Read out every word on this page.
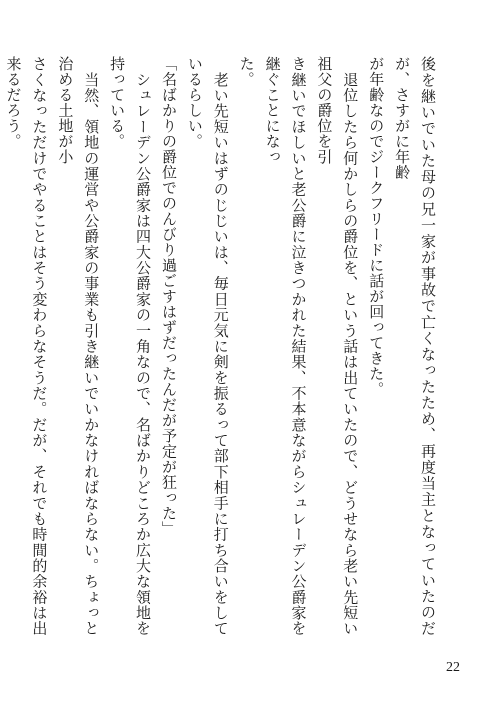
後を継いでいた母の兄一家が事故で亡くなったため、再度当主となっていたのだが、さすがに年齢

が年齢なのでジークフリードに話が回ってきた。

　退位したら何かしらの爵位を、という話は出ていたので、どうせなら老い先短い祖父の爵位を引

き継いでほしいと老公爵に泣きつかれた結果、不本意ながらシュレーデン公爵家を継ぐことになっ

た。

　老い先短いはずのじじいは、毎日元気に剣を振るって部下相手に打ち合いをしているらしい。

「名ばかりの爵位でのんびり過ごすはずだったんだが予定が狂った」

　シュレーデン公爵家は四大公爵家の一角なので、名ばかりどころか広大な領地を持っている。

　当然、領地の運営や公爵家の事業も引き継いでいかなければならない。ちょっと治める土地が小

さくなっただけでやることはそう変わらなそうだ。だが、それでも時間的余裕は出来るだろう。

22
